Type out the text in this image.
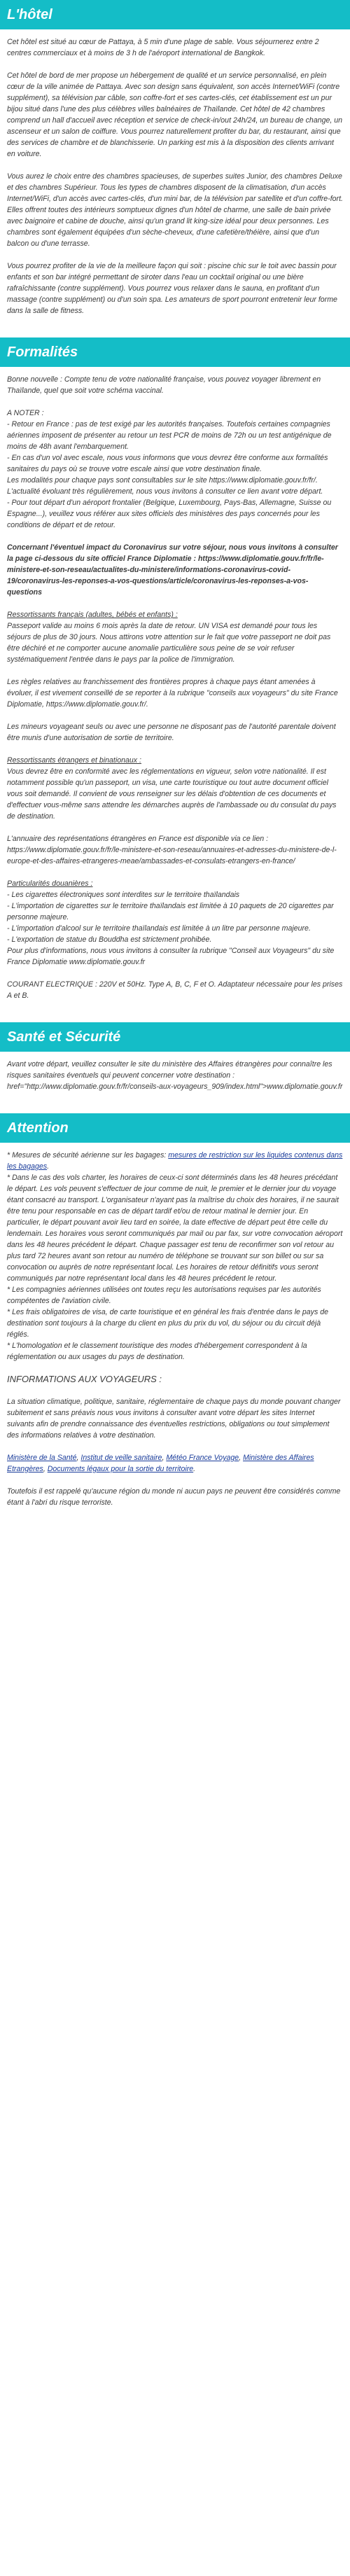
L'hôtel

Cet hôtel est situé au cœur de Pattaya, à 5 min d'une plage de sable. Vous séjournerez entre 2 centres commerciaux et à moins de 3 h de l'aéroport international de Bangkok.

Cet hôtel de bord de mer propose un hébergement de qualité et un service personnalisé, en plein cœur de la ville animée de Pattaya. Avec son design sans équivalent, son accès Internet/WiFi (contre supplément), sa télévision par câble, son coffre-fort et ses cartes-clés, cet établissement est un pur bijou situé dans l'une des plus célèbres villes balnéaires de Thaïlande. Cet hôtel de 42 chambres comprend un hall d'accueil avec réception et service de check-in/out 24h/24, un bureau de change, un ascenseur et un salon de coiffure. Vous pourrez naturellement profiter du bar, du restaurant, ainsi que des services de chambre et de blanchisserie. Un parking est mis à la disposition des clients arrivant en voiture.

Vous aurez le choix entre des chambres spacieuses, de superbes suites Junior, des chambres Deluxe et des chambres Supérieur. Tous les types de chambres disposent de la climatisation, d'un accès Internet/WiFi, d'un accès avec cartes-clés, d'un mini bar, de la télévision par satellite et d'un coffre-fort. Elles offrent toutes des intérieurs somptueux dignes d'un hôtel de charme, une salle de bain privée avec baignoire et cabine de douche, ainsi qu'un grand lit king-size idéal pour deux personnes. Les chambres sont également équipées d'un sèche-cheveux, d'une cafetière/théière, ainsi que d'un balcon ou d'une terrasse.

Vous pourrez profiter de la vie de la meilleure façon qui soit : piscine chic sur le toit avec bassin pour enfants et son bar intégré permettant de siroter dans l'eau un cocktail original ou une bière rafraîchissante (contre supplément). Vous pourrez vous relaxer dans le sauna, en profitant d'un massage (contre supplément) ou d'un soin spa. Les amateurs de sport pourront entretenir leur forme dans la salle de fitness.

Formalités

Bonne nouvelle : Compte tenu de votre nationalité française, vous pouvez voyager librement en Thaïlande, quel que soit votre schéma vaccinal.

A NOTER :
- Retour en France : pas de test exigé par les autorités françaises. Toutefois certaines compagnies aériennes imposent de présenter au retour un test PCR de moins de 72h ou un test antigénique de moins de 48h avant l'embarquement.
- En cas d'un vol avec escale, nous vous informons que vous devrez être conforme aux formalités sanitaires du pays où se trouve votre escale ainsi que votre destination finale.
Les modalités pour chaque pays sont consultables sur le site https://www.diplomatie.gouv.fr/fr/. L'actualité évoluant très régulièrement, nous vous invitons à consulter ce lien avant votre départ.

- Pour tout départ d'un aéroport frontalier (Belgique, Luxembourg, Pays-Bas, Allemagne, Suisse ou Espagne...), veuillez vous référer aux sites officiels des ministères des pays concernés pour les conditions de départ et de retour.

Concernant l'éventuel impact du Coronavirus sur votre séjour, nous vous invitons à consulter la page ci-dessous du site officiel France Diplomatie : https://www.diplomatie.gouv.fr/fr/le-ministere-et-son-reseau/actualites-du-ministere/informations-coronavirus-covid-19/coronavirus-les-reponses-a-vos-questions/article/coronavirus-les-reponses-a-vos-questions

Ressortissants français (adultes, bébés et enfants) :

Passeport valide au moins 6 mois après la date de retour. UN VISA est demandé pour tous les séjours de plus de 30 jours. Nous attirons votre attention sur le fait que votre passeport ne doit pas être déchiré et ne comporter aucune anomalie particulière sous peine de se voir refuser systématiquement l'entrée dans le pays par la police de l'immigration.

Les règles relatives au franchissement des frontières propres à chaque pays étant amenées à évoluer, il est vivement conseillé de se reporter à la rubrique "conseils aux voyageurs" du site France Diplomatie, https://www.diplomatie.gouv.fr/.

Les mineurs voyageant seuls ou avec une personne ne disposant pas de l'autorité parentale doivent être munis d'une autorisation de sortie de territoire.

Ressortissants étrangers et binationaux :

Vous devrez être en conformité avec les réglementations en vigueur, selon votre nationalité. Il est notamment possible qu'un passeport, un visa, une carte touristique ou tout autre document officiel vous soit demandé. Il convient de vous renseigner sur les délais d'obtention de ces documents et d'effectuer vous-même sans attendre les démarches auprès de l'ambassade ou du consulat du pays de destination.

L'annuaire des représentations étrangères en France est disponible via ce lien : https://www.diplomatie.gouv.fr/fr/le-ministere-et-son-reseau/annuaires-et-adresses-du-ministere-de-l-europe-et-des-affaires-etrangeres-meae/ambassades-et-consulats-etrangers-en-france/

Particularités douanières :
- Les cigarettes électroniques sont interdites sur le territoire thaïlandais
- L'importation de cigarettes sur le territoire thaïlandais est limitée à 10 paquets de 20 cigarettes par personne majeure.
- L'importation d'alcool sur le territoire thaïlandais est limitée à un litre par personne majeure.
- L'exportation de statue du Bouddha est strictement prohibée.

Pour plus d'informations, nous vous invitons à consulter la rubrique "Conseil aux Voyageurs" du site France Diplomatie www.diplomatie.gouv.fr

COURANT ELECTRIQUE : 220V et 50Hz. Type A, B, C, F et O. Adaptateur nécessaire pour les prises A et B.

Santé et Sécurité

Avant votre départ, veuillez consulter le site du ministère des Affaires étrangères pour connaître les risques sanitaires éventuels qui peuvent concerner votre destination : href="http://www.diplomatie.gouv.fr/fr/conseils-aux-voyageurs_909/index.html">www.diplomatie.gouv.fr

Attention
* Mesures de sécurité aérienne sur les bagages: mesures de restriction sur les liquides contenus dans les bagages.
* Dans le cas des vols charter, les horaires de ceux-ci sont déterminés dans les 48 heures précédant le départ. Les vols peuvent s'effectuer de jour comme de nuit, le premier et le dernier jour du voyage étant consacré au transport. L'organisateur n'ayant pas la maîtrise du choix des horaires, il ne saurait être tenu pour responsable en cas de départ tardif et/ou de retour matinal le dernier jour. En particulier, le départ pouvant avoir lieu tard en soirée, la date effective de départ peut être celle du lendemain. Les horaires vous seront communiqués par mail ou par fax, sur votre convocation aéroport dans les 48 heures précédent le départ. Chaque passager est tenu de reconfirmer son vol retour au plus tard 72 heures avant son retour au numéro de téléphone se trouvant sur son billet ou sur sa convocation ou auprès de notre représentant local. Les horaires de retour définitifs vous seront communiqués par notre représentant local dans les 48 heures précédent le retour.
* Les compagnies aériennes utilisées ont toutes reçu les autorisations requises par les autorités compétentes de l'aviation civile.
* Les frais obligatoires de visa, de carte touristique et en général les frais d'entrée dans le pays de destination sont toujours à la charge du client en plus du prix du vol, du séjour ou du circuit déjà réglés.

* L'homologation et le classement touristique des modes d'hébergement correspondent à la réglementation ou aux usages du pays de destination.

INFORMATIONS AUX VOYAGEURS :

La situation climatique, politique, sanitaire, réglementaire de chaque pays du monde pouvant changer subitement et sans préavis nous vous invitons à consulter avant votre départ les sites Internet suivants afin de prendre connaissance des éventuelles restrictions, obligations ou tout simplement des informations relatives à votre destination.

Ministère de la Santé, Institut de veille sanitaire, Météo France Voyage, Ministère des Affaires Etrangères, Documents légaux pour la sortie du territoire.

Toutefois il est rappelé qu'aucune région du monde ni aucun pays ne peuvent être considérés comme étant à l'abri du risque terroriste.
